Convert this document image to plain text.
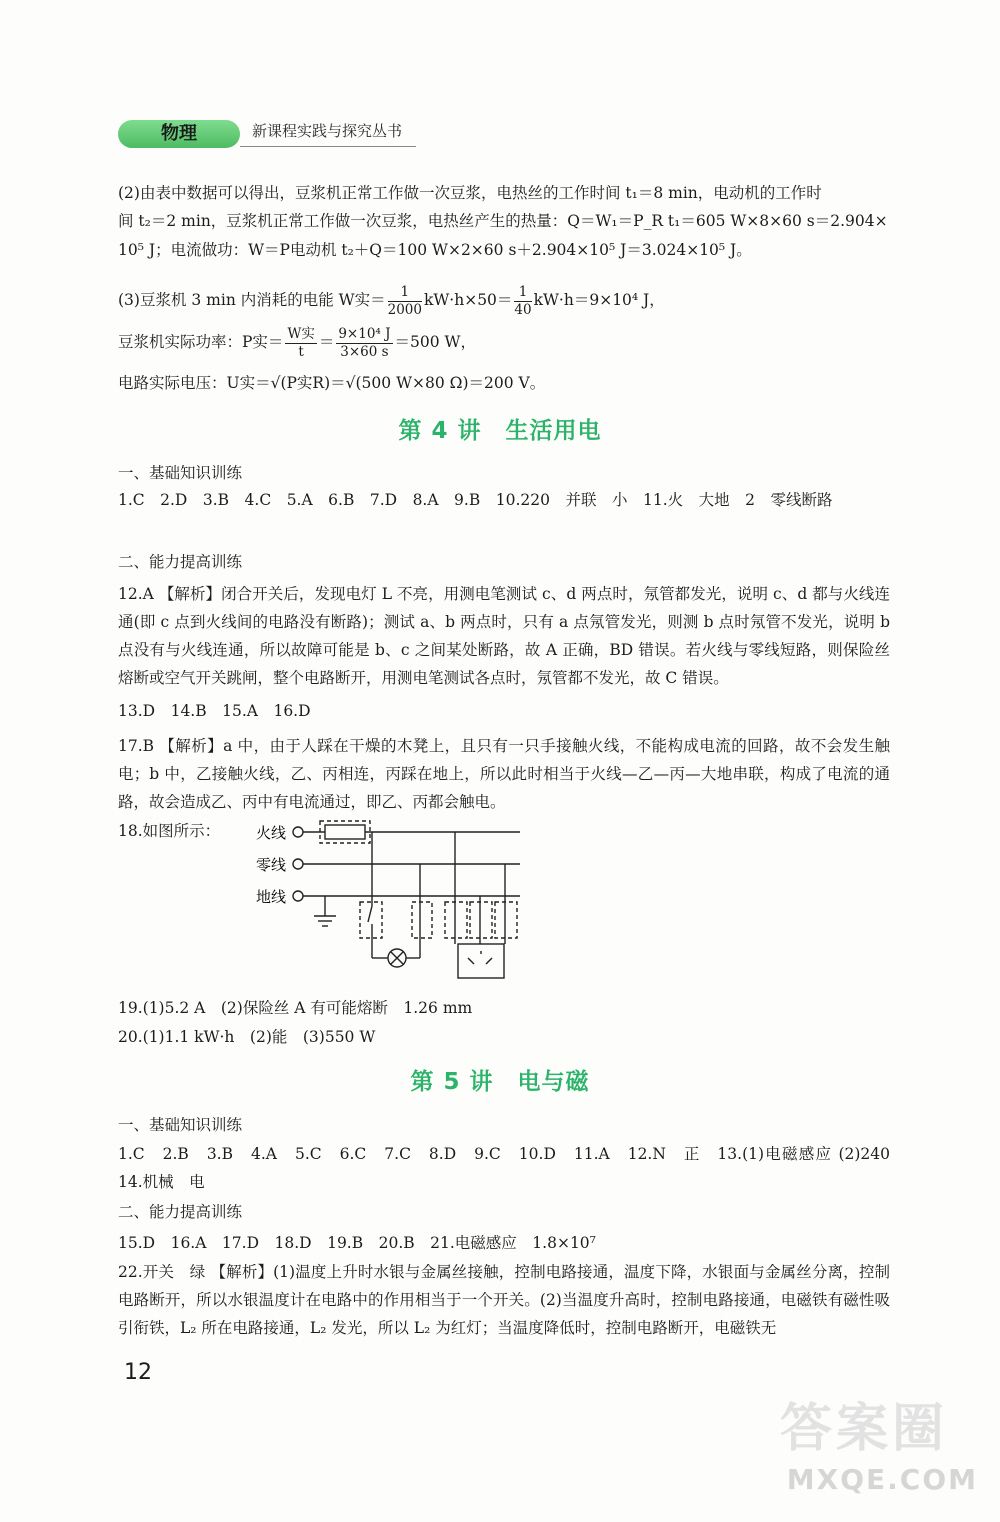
物理	新课程实践与探究丛书
(2)由表中数据可以得出，豆浆机正常工作做一次豆浆，电热丝的工作时间 t₁＝8 min，电动机的工作时
间 t₂＝2 min，豆浆机正常工作做一次豆浆，电热丝产生的热量：Q＝W₁＝P_R t₁＝605 W×8×60 s＝2.904×
10⁵ J；电流做功：W＝P电动机 t₂＋Q＝100 W×2×60 s＋2.904×10⁵ J＝3.024×10⁵ J。
(3)豆浆机 3 min 内消耗的电能 W实＝ $\frac{1}{2000} kW\cdot h\times 50= \frac{1}{40} kW\cdot h=9\times 10^4$ J，
豆浆机实际功率：P实＝ $\frac{\text{W实}}{t} = \frac{\text{9×10⁴ J}}{3\times 60 s} =500$ W，
电路实际电压：U实＝√(P实R)＝√(500 W×80 Ω)＝200 V。
第 4 讲　生活用电
一、基础知识训练
1.C　2.D　3.B　4.C　5.A　6.B　7.D　8.A　9.B　10.220　并联　小　11.火　大地　2　零线断路
二、能力提高训练
12.A 【解析】闭合开关后，发现电灯 L 不亮，用测电笔测试 c、d 两点时，氖管都发光，说明 c、d 都与火线连通(即 c 点到火线间的电路没有断路)；测试 a、b 两点时，只有 a 点氖管发光，则测 b 点时氖管不发光，说明 b 点没有与火线连通，所以故障可能是 b、c 之间某处断路，故 A 正确，BD 错误。若火线与零线短路，则保险丝熔断或空气开关跳闸，整个电路断开，用测电笔测试各点时，氖管都不发光，故 C 错误。
13.D　14.B　15.A　16.D
17.B 【解析】a 中，由于人踩在干燥的木凳上，且只有一只手接触火线，不能构成电流的回路，故不会发生触电；b 中，乙接触火线，乙、丙相连，丙踩在地上，所以此时相当于火线—乙—丙—大地串联，构成了电流的通路，故会造成乙、丙中有电流通过，即乙、丙都会触电。
18.如图所示： 火线
零线
地线
19.(1)5.2 A　(2)保险丝 A 有可能熔断　1.26 mm
20.(1)1.1 kW·h　(2)能　(3)550 W
第 5 讲　电与磁
一、基础知识训练
1.C　2.B　3.B　4.A　5.C　6.C　7.C　8.D　9.C　10.D　11.A　12.N　正　13.(1)电磁感应 (2)240　14.机械　电
二、能力提高训练
15.D　16.A　17.D　18.D　19.B　20.B　21.电磁感应　1.8×10⁷
22.开关　绿 【解析】(1)温度上升时水银与金属丝接触，控制电路接通，温度下降，水银面与金属丝分离，控制电路断开，所以水银温度计在电路中的作用相当于一个开关。(2)当温度升高时，控制电路接通，电磁铁有磁性吸引衔铁，L₂ 所在电路接通，L₂ 发光，所以 L₂ 为红灯；当温度降低时，控制电路断开，电磁铁无
12
答案圈
MXQE.COM
